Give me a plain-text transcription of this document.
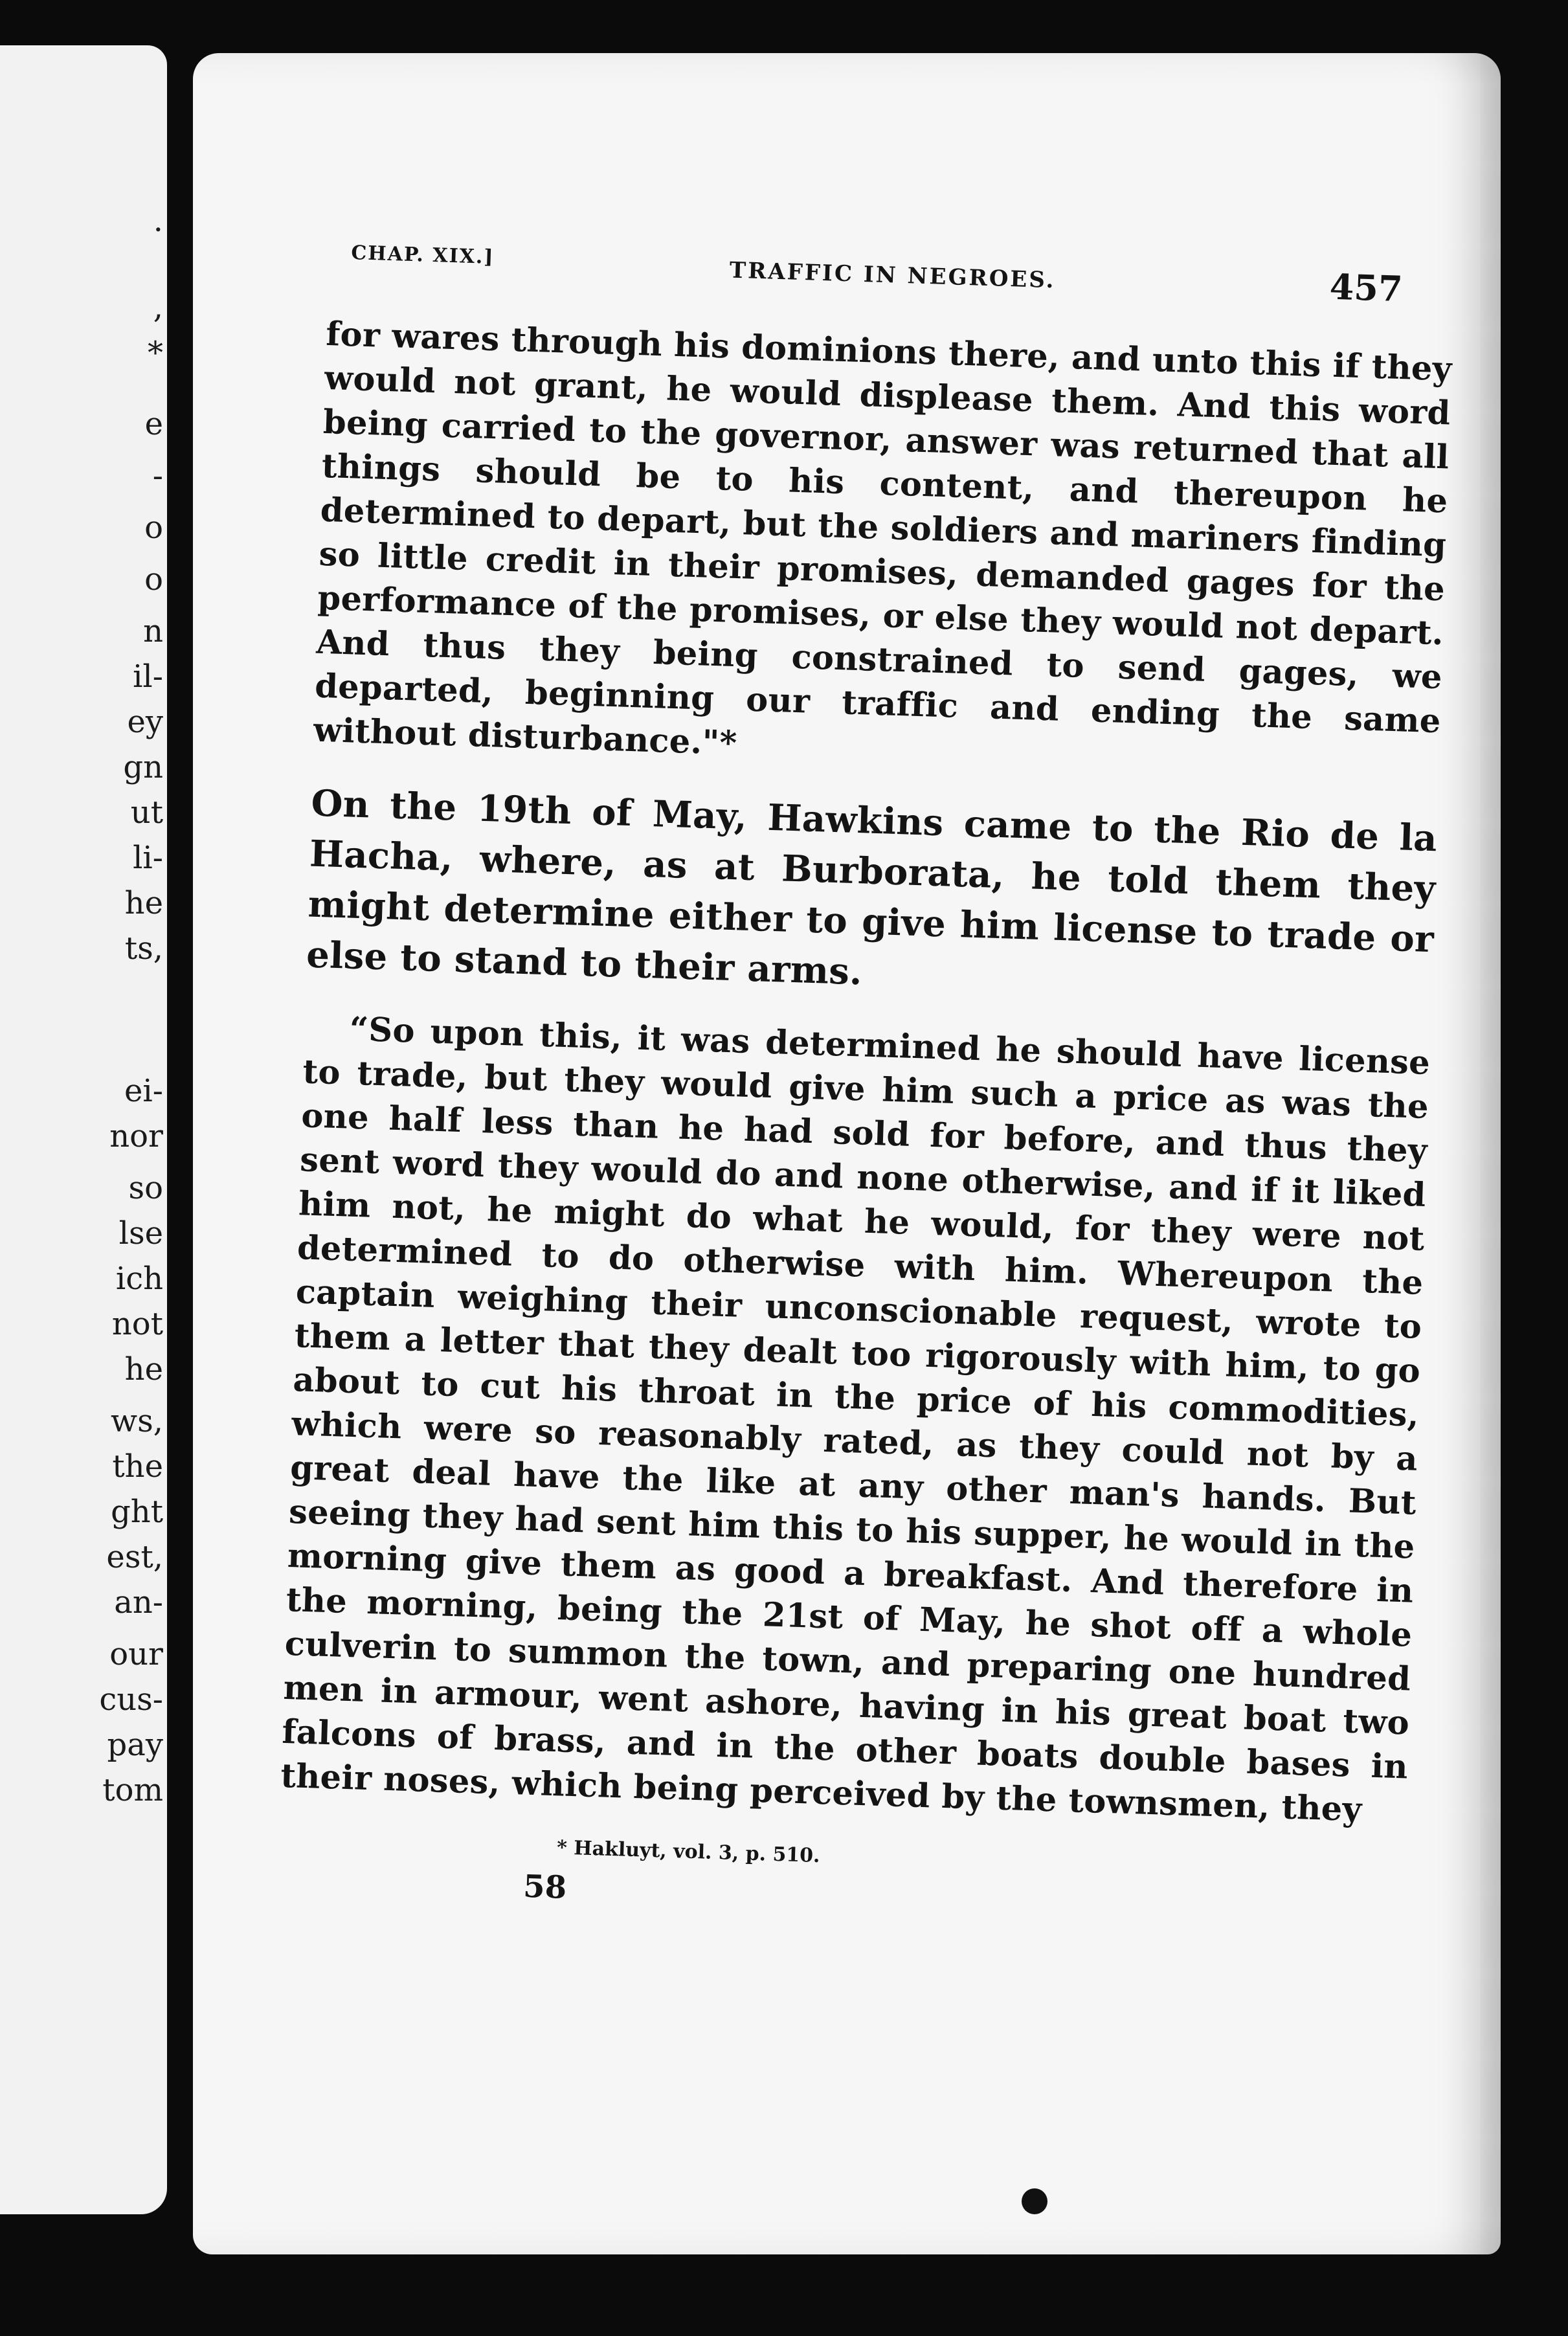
·
,
*
e
-
o
o
n
il-
ey
gn
ut
li-
he
ts,
ei-
nor
so
lse
ich
not
he
ws,
the
ght
est,
an-
our
cus-
pay
tom
CHAP. XIX.]
TRAFFIC IN NEGROES.	457

for wares through his dominions there, and unto this if they would not grant, he would displease them. And this word being carried to the governor, answer was returned that all things should be to his content, and thereupon he determined to depart, but the soldiers and mariners finding so little credit in their promises, demanded gages for the performance of the promises, or else they would not depart. And thus they being constrained to send gages, we departed, beginning our traffic and ending the same without disturbance."*

On the 19th of May, Hawkins came to the Rio de la Hacha, where, as at Burborata, he told them they might determine either to give him license to trade or else to stand to their arms.

“So upon this, it was determined he should have license to trade, but they would give him such a price as was the one half less than he had sold for before, and thus they sent word they would do and none otherwise, and if it liked him not, he might do what he would, for they were not determined to do otherwise with him. Whereupon the captain weighing their unconscionable request, wrote to them a letter that they dealt too rigorously with him, to go about to cut his throat in the price of his commodities, which were so reasonably rated, as they could not by a great deal have the like at any other man's hands. But seeing they had sent him this to his supper, he would in the morning give them as good a breakfast. And therefore in the morning, being the 21st of May, he shot off a whole culverin to summon the town, and preparing one hundred men in armour, went ashore, having in his great boat two falcons of brass, and in the other boats double bases in their noses, which being perceived by the townsmen, they

* Hakluyt, vol. 3, p. 510.
58
